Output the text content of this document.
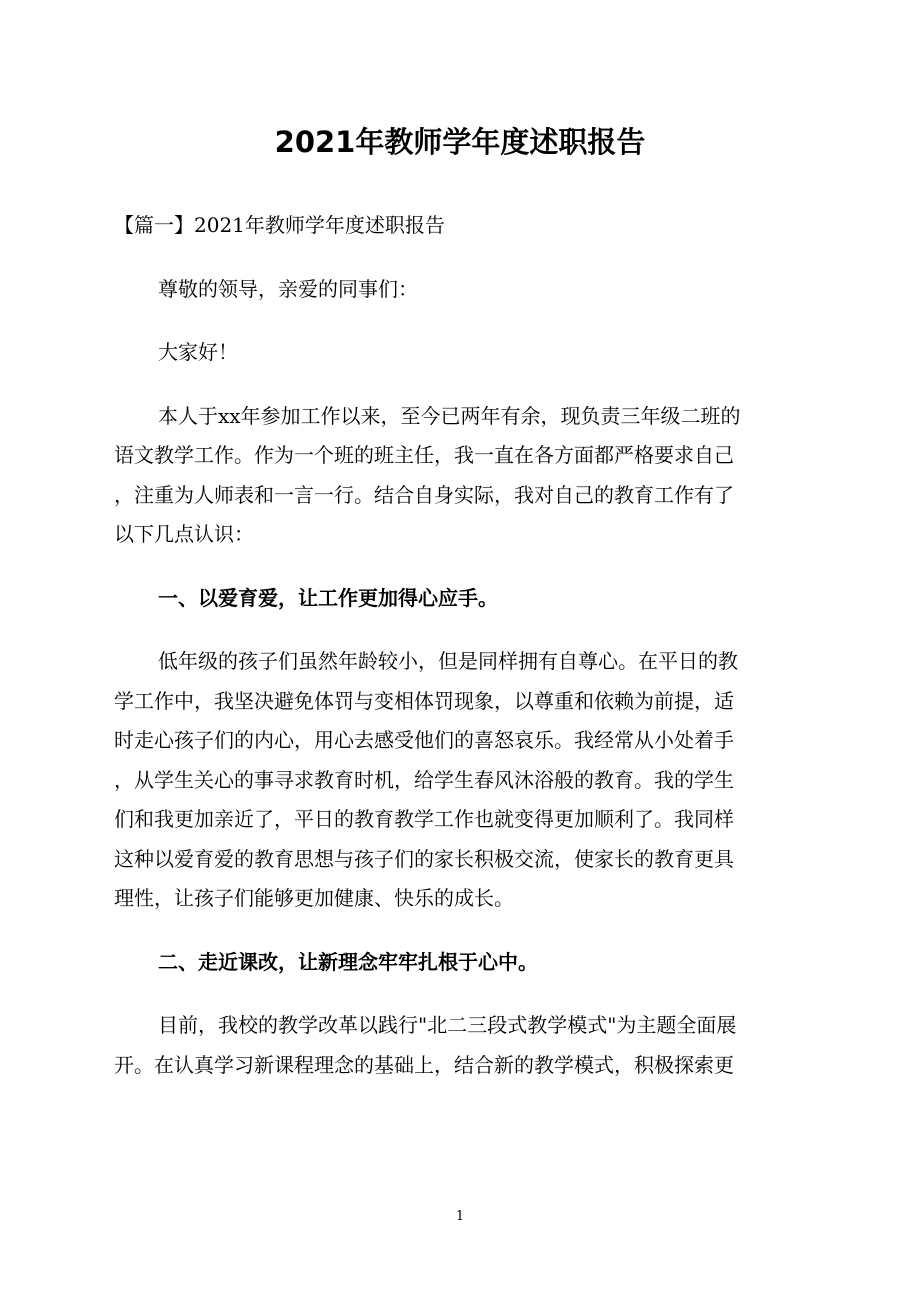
2021年教师学年度述职报告
【篇一】2021年教师学年度述职报告
尊敬的领导，亲爱的同事们：
大家好！
本人于xx年参加工作以来，至今已两年有余，现负责三年级二班的
语文教学工作。作为一个班的班主任，我一直在各方面都严格要求自己
，注重为人师表和一言一行。结合自身实际，我对自己的教育工作有了
以下几点认识：
一、以爱育爱，让工作更加得心应手。
低年级的孩子们虽然年龄较小，但是同样拥有自尊心。在平日的教
学工作中，我坚决避免体罚与变相体罚现象，以尊重和依赖为前提，适
时走心孩子们的内心，用心去感受他们的喜怒哀乐。我经常从小处着手
，从学生关心的事寻求教育时机，给学生春风沐浴般的教育。我的学生
们和我更加亲近了，平日的教育教学工作也就变得更加顺利了。我同样
这种以爱育爱的教育思想与孩子们的家长积极交流，使家长的教育更具
理性，让孩子们能够更加健康、快乐的成长。
二、走近课改，让新理念牢牢扎根于心中。
目前，我校的教学改革以践行"北二三段式教学模式"为主题全面展
开。在认真学习新课程理念的基础上，结合新的教学模式，积极探索更
1
